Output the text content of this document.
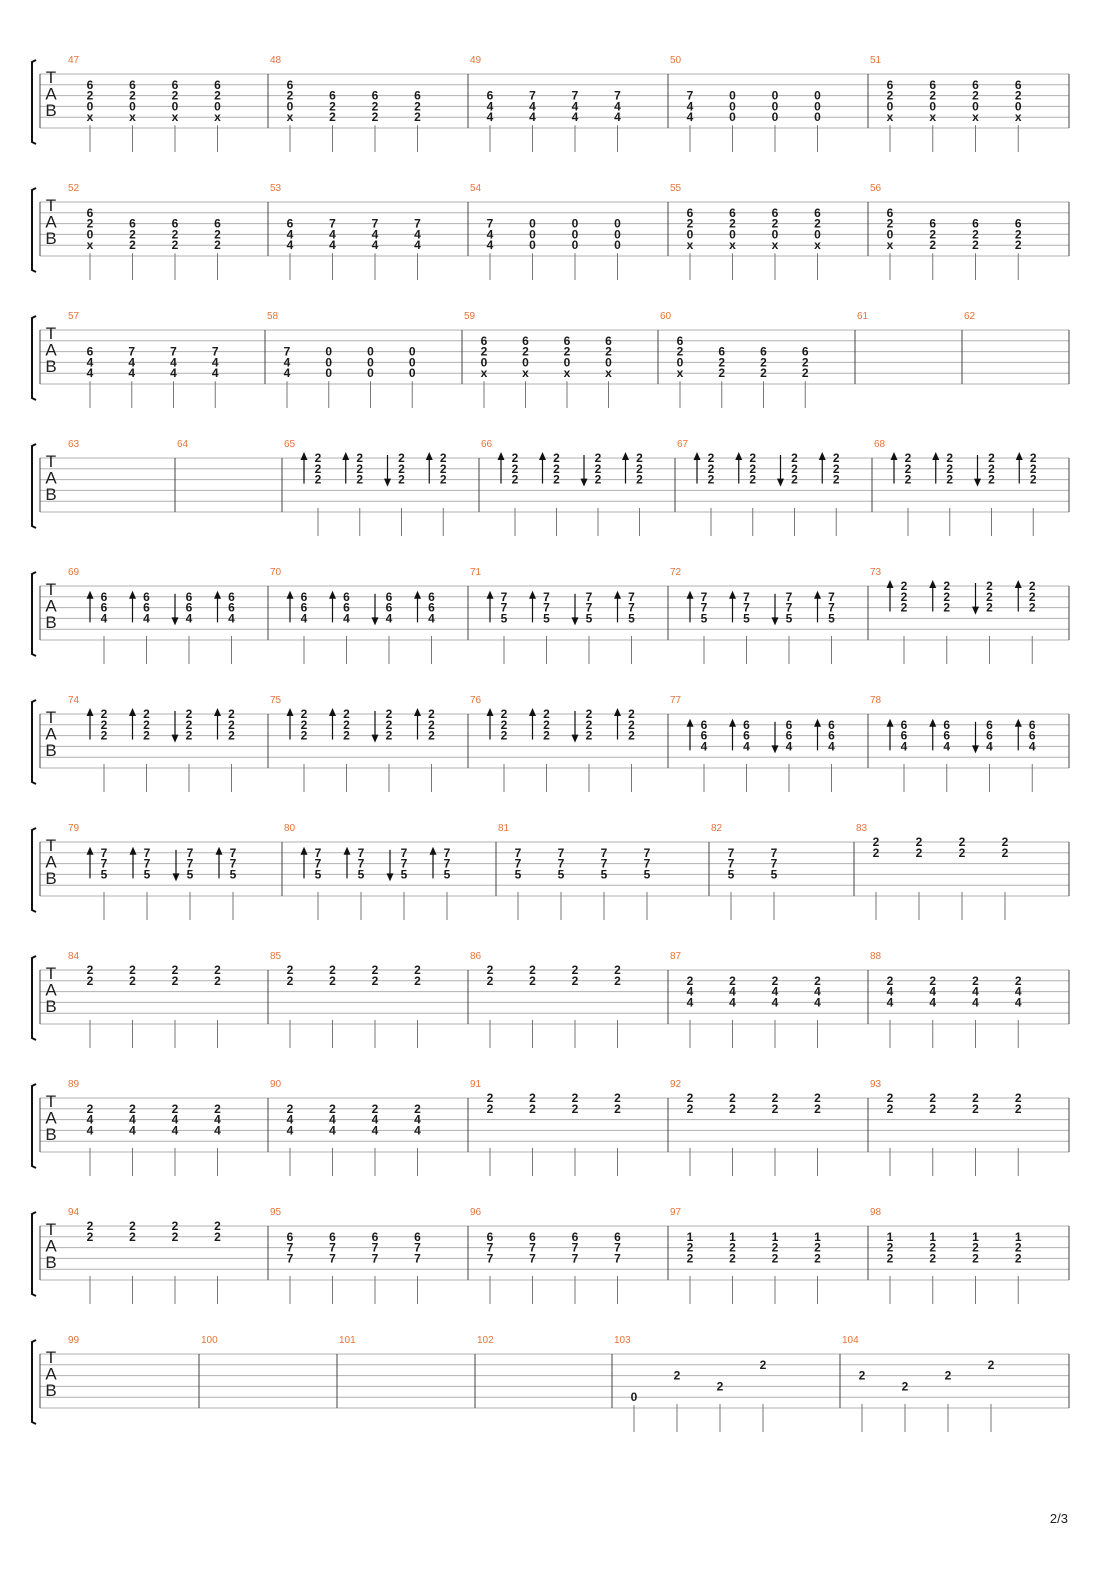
T
A
B
47
6
2
0
x
6
2
0
x
6
2
0
x
6
2
0
x
48
6
2
0
x
6
2
2
6
2
2
6
2
2
49
6
4
4
7
4
4
7
4
4
7
4
4
50
7
4
4
0
0
0
0
0
0
0
0
0
51
6
2
0
x
6
2
0
x
6
2
0
x
6
2
0
x
T
A
B
52
6
2
0
x
6
2
2
6
2
2
6
2
2
53
6
4
4
7
4
4
7
4
4
7
4
4
54
7
4
4
0
0
0
0
0
0
0
0
0
55
6
2
0
x
6
2
0
x
6
2
0
x
6
2
0
x
56
6
2
0
x
6
2
2
6
2
2
6
2
2
T
A
B
57
6
4
4
7
4
4
7
4
4
7
4
4
58
7
4
4
0
0
0
0
0
0
0
0
0
59
6
2
0
x
6
2
0
x
6
2
0
x
6
2
0
x
60
6
2
0
x
6
2
2
6
2
2
6
2
2
61	62
T
A
B
63	64	65
2
2
2
2
2
2
2
2
2
2
2
2
66
2
2
2
2
2
2
2
2
2
2
2
2
67
2
2
2
2
2
2
2
2
2
2
2
2
68
2
2
2
2
2
2
2
2
2
2
2
2
T
A
B
69
6
6
4
6
6
4
6
6
4
6
6
4
70
6
6
4
6
6
4
6
6
4
6
6
4
71
7
7
5
7
7
5
7
7
5
7
7
5
72
7
7
5
7
7
5
7
7
5
7
7
5
73
2
2
2
2
2
2
2
2
2
2
2
2
T
A
B
74
2
2
2
2
2
2
2
2
2
2
2
2
75
2
2
2
2
2
2
2
2
2
2
2
2
76
2
2
2
2
2
2
2
2
2
2
2
2
77
6
6
4
6
6
4
6
6
4
6
6
4
78
6
6
4
6
6
4
6
6
4
6
6
4
T
A
B
79
7
7
5
7
7
5
7
7
5
7
7
5
80
7
7
5
7
7
5
7
7
5
7
7
5
81
7
7
5
7
7
5
7
7
5
7
7
5
82
7
7
5
7
7
5
83
2
2
2
2
2
2
2
2
T
A
B
84
2
2
2
2
2
2
2
2
85
2
2
2
2
2
2
2
2
86
2
2
2
2
2
2
2
2
87
2
4
4
2
4
4
2
4
4
2
4
4
88
2
4
4
2
4
4
2
4
4
2
4
4
T
A
B
89
2
4
4
2
4
4
2
4
4
2
4
4
90
2
4
4
2
4
4
2
4
4
2
4
4
91
2
2
2
2
2
2
2
2
92
2
2
2
2
2
2
2
2
93
2
2
2
2
2
2
2
2
T
A
B
94
2
2
2
2
2
2
2
2
95
6
7
7
6
7
7
6
7
7
6
7
7
96
6
7
7
6
7
7
6
7
7
6
7
7
97
1
2
2
1
2
2
1
2
2
1
2
2
98
1
2
2
1
2
2
1
2
2
1
2
2
T
A
B
99	100	101	102	103
0
2
2
2
104
2
2
2
2
2/3
